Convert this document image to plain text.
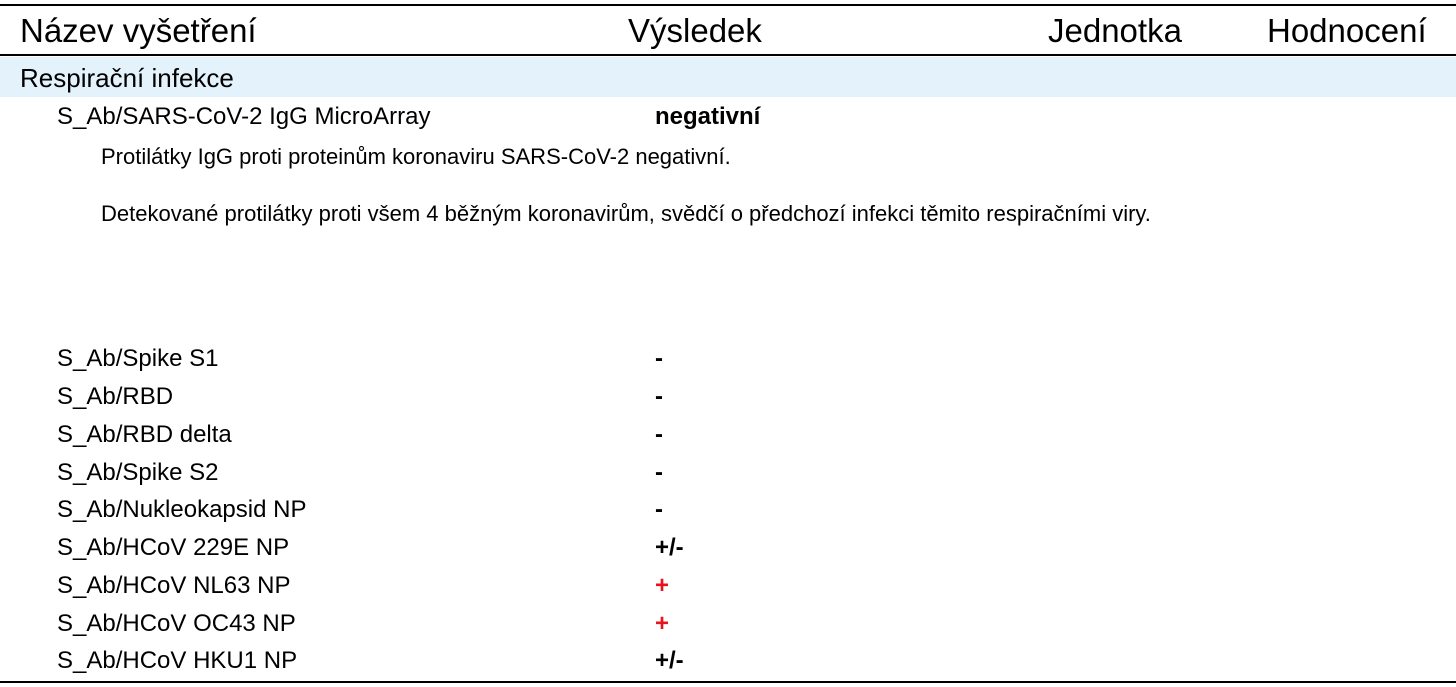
Název vyšetření	Výsledek	Jednotka	Hodnocení
Respirační infekce
S_Ab/SARS-CoV-2 IgG MicroArray	negativní
Protilátky IgG proti proteinům koronaviru SARS-CoV-2 negativní.
Detekované protilátky proti všem 4 běžným koronavirům, svědčí o předchozí infekci těmito respiračními viry.
S_Ab/Spike S1	-
S_Ab/RBD	-
S_Ab/RBD delta	-
S_Ab/Spike S2	-
S_Ab/Nukleokapsid NP	-
S_Ab/HCoV 229E NP	+/-
S_Ab/HCoV NL63 NP	+
S_Ab/HCoV OC43 NP	+
S_Ab/HCoV HKU1 NP	+/-
